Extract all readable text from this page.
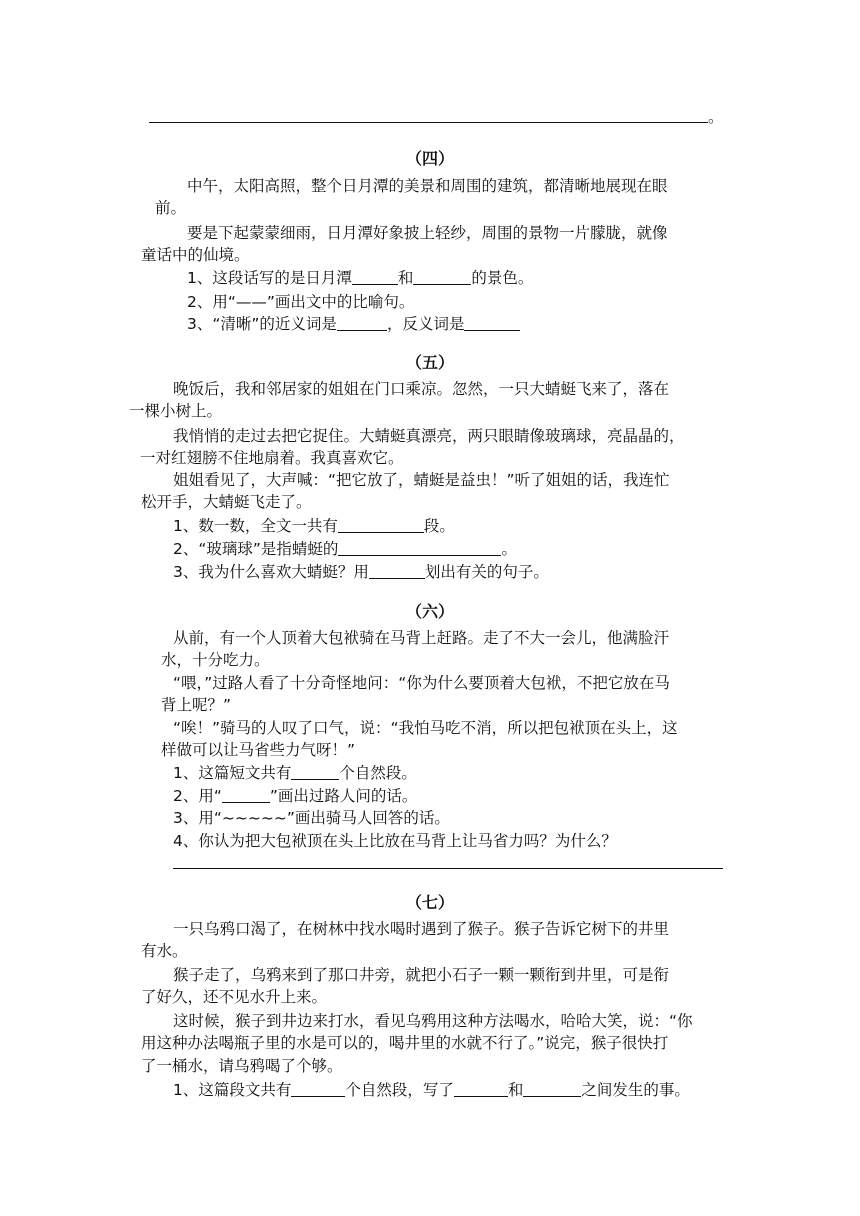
。
（四）
中午，太阳高照，整个日月潭的美景和周围的建筑，都清晰地展现在眼
前。
要是下起蒙蒙细雨，日月潭好象披上轻纱，周围的景物一片朦胧，就像
童话中的仙境。
1、这段话写的是日月潭	和	的景色。
2、用“——”画出文中的比喻句。
3、“清晰”的近义词是	，反义词是
（五）
晚饭后，我和邻居家的姐姐在门口乘凉。忽然，一只大蜻蜓飞来了，落在
一棵小树上。
我悄悄的走过去把它捉住。大蜻蜓真漂亮，两只眼睛像玻璃球，亮晶晶的，
一对红翅膀不住地扇着。我真喜欢它。
姐姐看见了，大声喊：“把它放了，蜻蜓是益虫！”听了姐姐的话，我连忙
松开手，大蜻蜓飞走了。
1、数一数，全文一共有	段。
2、“玻璃球”是指蜻蜓的	。
3、我为什么喜欢大蜻蜓？用	划出有关的句子。
（六）
从前，有一个人顶着大包袱骑在马背上赶路。走了不大一会儿，他满脸汗
水，十分吃力。
“喂，”过路人看了十分奇怪地问：“你为什么要顶着大包袱，不把它放在马
背上呢？”
“唉！”骑马的人叹了口气，说：“我怕马吃不消，所以把包袱顶在头上，这
样做可以让马省些力气呀！”
1、这篇短文共有	个自然段。
2、用“	”画出过路人问的话。
3、用“~~~~~”画出骑马人回答的话。
4、你认为把大包袱顶在头上比放在马背上让马省力吗？为什么？
（七）
一只乌鸦口渴了，在树林中找水喝时遇到了猴子。猴子告诉它树下的井里
有水。
猴子走了，乌鸦来到了那口井旁，就把小石子一颗一颗衔到井里，可是衔
了好久，还不见水升上来。
这时候，猴子到井边来打水，看见乌鸦用这种方法喝水，哈哈大笑，说：“你
用这种办法喝瓶子里的水是可以的，喝井里的水就不行了。”说完，猴子很快打
了一桶水，请乌鸦喝了个够。
1、这篇段文共有	个自然段，写了	和	之间发生的事。
